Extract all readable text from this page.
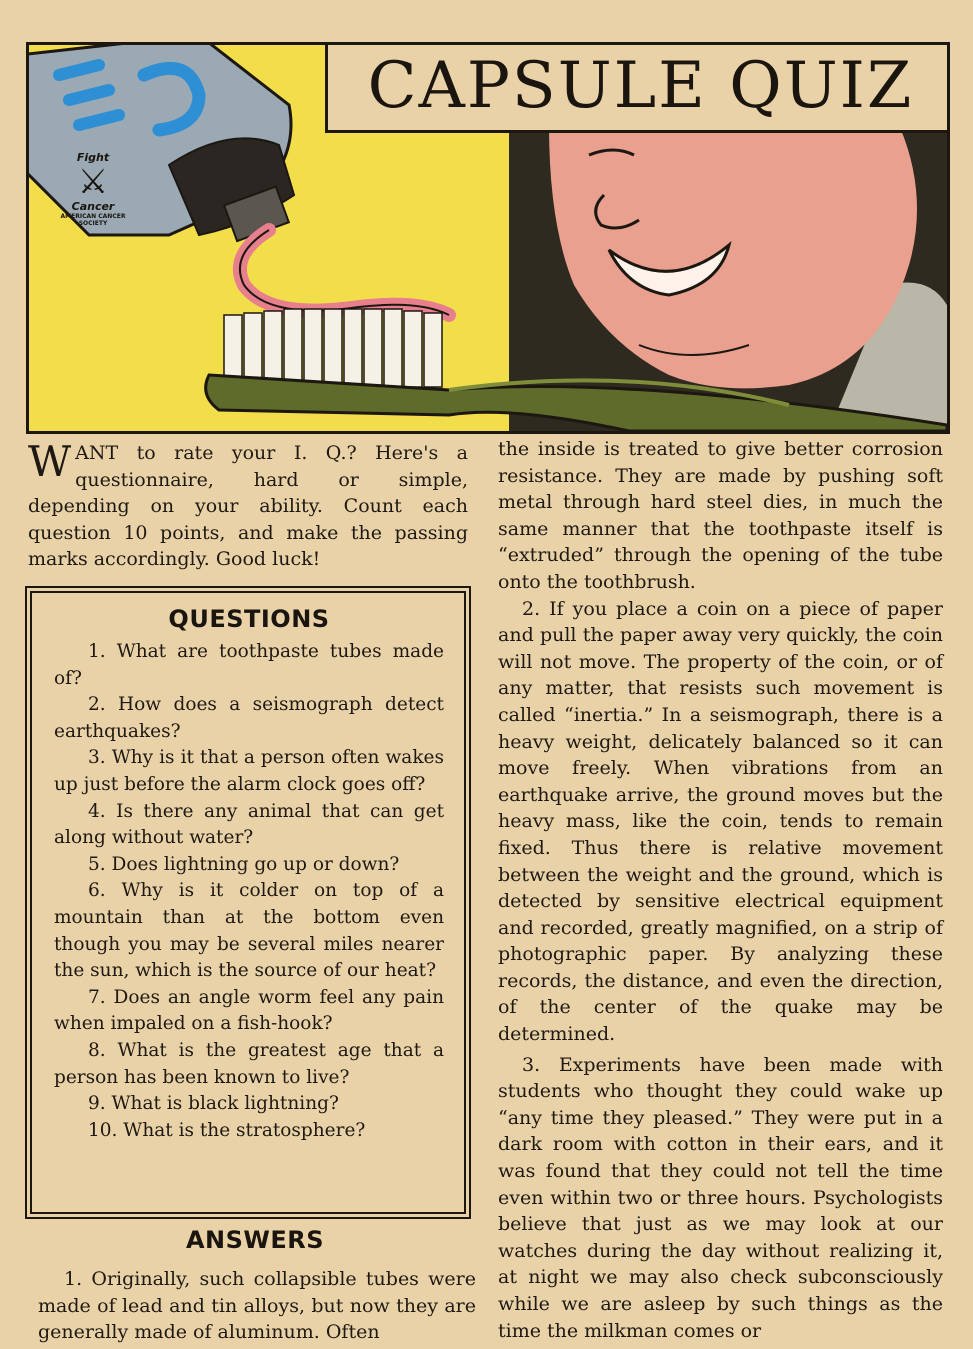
Fight
⚔
Cancer
AMERICAN CANCER SOCIETY
CAPSULE QUIZ
W ANT to rate your I. Q.? Here's a questionnaire, hard or simple, depending on your ability. Count each question 10 points, and make the passing marks accordingly. Good luck!
QUESTIONS
1. What are toothpaste tubes made of?
2. How does a seismograph detect earthquakes?
3. Why is it that a person often wakes up just before the alarm clock goes off?
4. Is there any animal that can get along without water?
5. Does lightning go up or down?
6. Why is it colder on top of a mountain than at the bottom even though you may be several miles nearer the sun, which is the source of our heat?
7. Does an angle worm feel any pain when impaled on a fish-hook?
8. What is the greatest age that a person has been known to live?
9. What is black lightning?
10. What is the stratosphere?
ANSWERS

1. Originally, such collapsible tubes were made of lead and tin alloys, but now they are generally made of aluminum. Often

the inside is treated to give better corrosion resistance. They are made by pushing soft metal through hard steel dies, in much the same manner that the toothpaste itself is “extruded” through the opening of the tube onto the toothbrush.

2. If you place a coin on a piece of paper and pull the paper away very quickly, the coin will not move. The property of the coin, or of any matter, that resists such movement is called “inertia.” In a seismograph, there is a heavy weight, delicately balanced so it can move freely. When vibrations from an earthquake arrive, the ground moves but the heavy mass, like the coin, tends to remain fixed. Thus there is relative movement between the weight and the ground, which is detected by sensitive electrical equipment and recorded, greatly magnified, on a strip of photographic paper. By analyzing these records, the distance, and even the direction, of the center of the quake may be determined.

3. Experiments have been made with students who thought they could wake up “any time they pleased.” They were put in a dark room with cotton in their ears, and it was found that they could not tell the time even within two or three hours. Psychologists believe that just as we may look at our watches during the day without realizing it, at night we may also check subconsciously while we are asleep by such things as the time the milkman comes or
